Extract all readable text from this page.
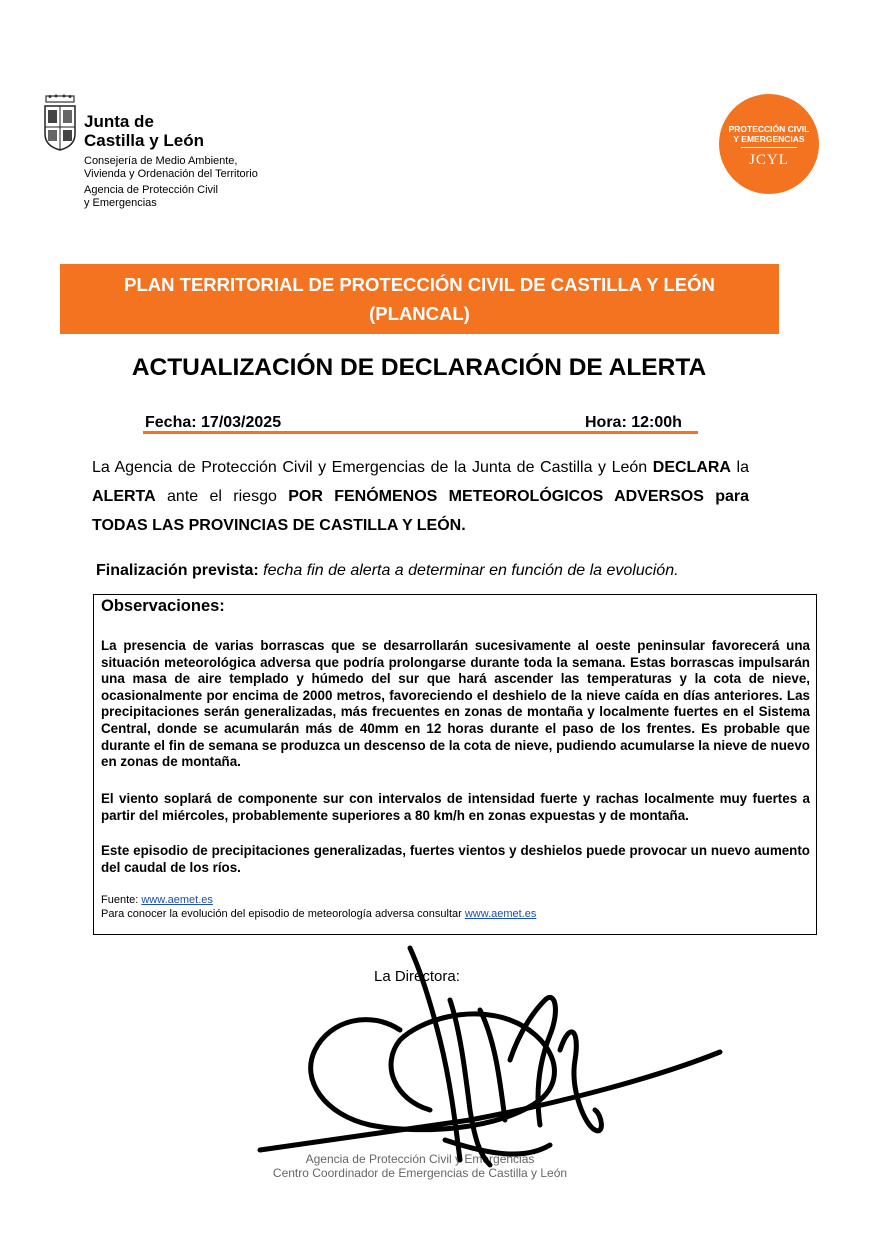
Junta de
Castilla y León
Consejería de Medio Ambiente,
Vivienda y Ordenación del Territorio
Agencia de Protección Civil
y Emergencias
PROTECCIÓN CIVIL
Y EMERGENCIAS
JCYL
PLAN TERRITORIAL DE PROTECCIÓN CIVIL DE CASTILLA Y LEÓN
(PLANCAL)
ACTUALIZACIÓN DE DECLARACIÓN DE ALERTA
Fecha: 17/03/2025	Hora: 12:00h
La Agencia de Protección Civil y Emergencias de la Junta de Castilla y León DECLARA la ALERTA ante el riesgo POR FENÓMENOS METEOROLÓGICOS ADVERSOS para TODAS LAS PROVINCIAS DE CASTILLA Y LEÓN.
Finalización prevista: fecha fin de alerta a determinar en función de la evolución.
Observaciones:
La presencia de varias borrascas que se desarrollarán sucesivamente al oeste peninsular favorecerá una situación meteorológica adversa que podría prolongarse durante toda la semana. Estas borrascas impulsarán una masa de aire templado y húmedo del sur que hará ascender las temperaturas y la cota de nieve, ocasionalmente por encima de 2000 metros, favoreciendo el deshielo de la nieve caída en días anteriores. Las precipitaciones serán generalizadas, más frecuentes en zonas de montaña y localmente fuertes en el Sistema Central, donde se acumularán más de 40mm en 12 horas durante el paso de los frentes. Es probable que durante el fin de semana se produzca un descenso de la cota de nieve, pudiendo acumularse la nieve de nuevo en zonas de montaña.
El viento soplará de componente sur con intervalos de intensidad fuerte y rachas localmente muy fuertes a partir del miércoles, probablemente superiores a 80 km/h en zonas expuestas y de montaña.
Este episodio de precipitaciones generalizadas, fuertes vientos y deshielos puede provocar un nuevo aumento del caudal de los ríos.
Fuente: www.aemet.es
Para conocer la evolución del episodio de meteorología adversa consultar www.aemet.es
La Directora:
Agencia de Protección Civil y Emergencias
Centro Coordinador de Emergencias de Castilla y León
